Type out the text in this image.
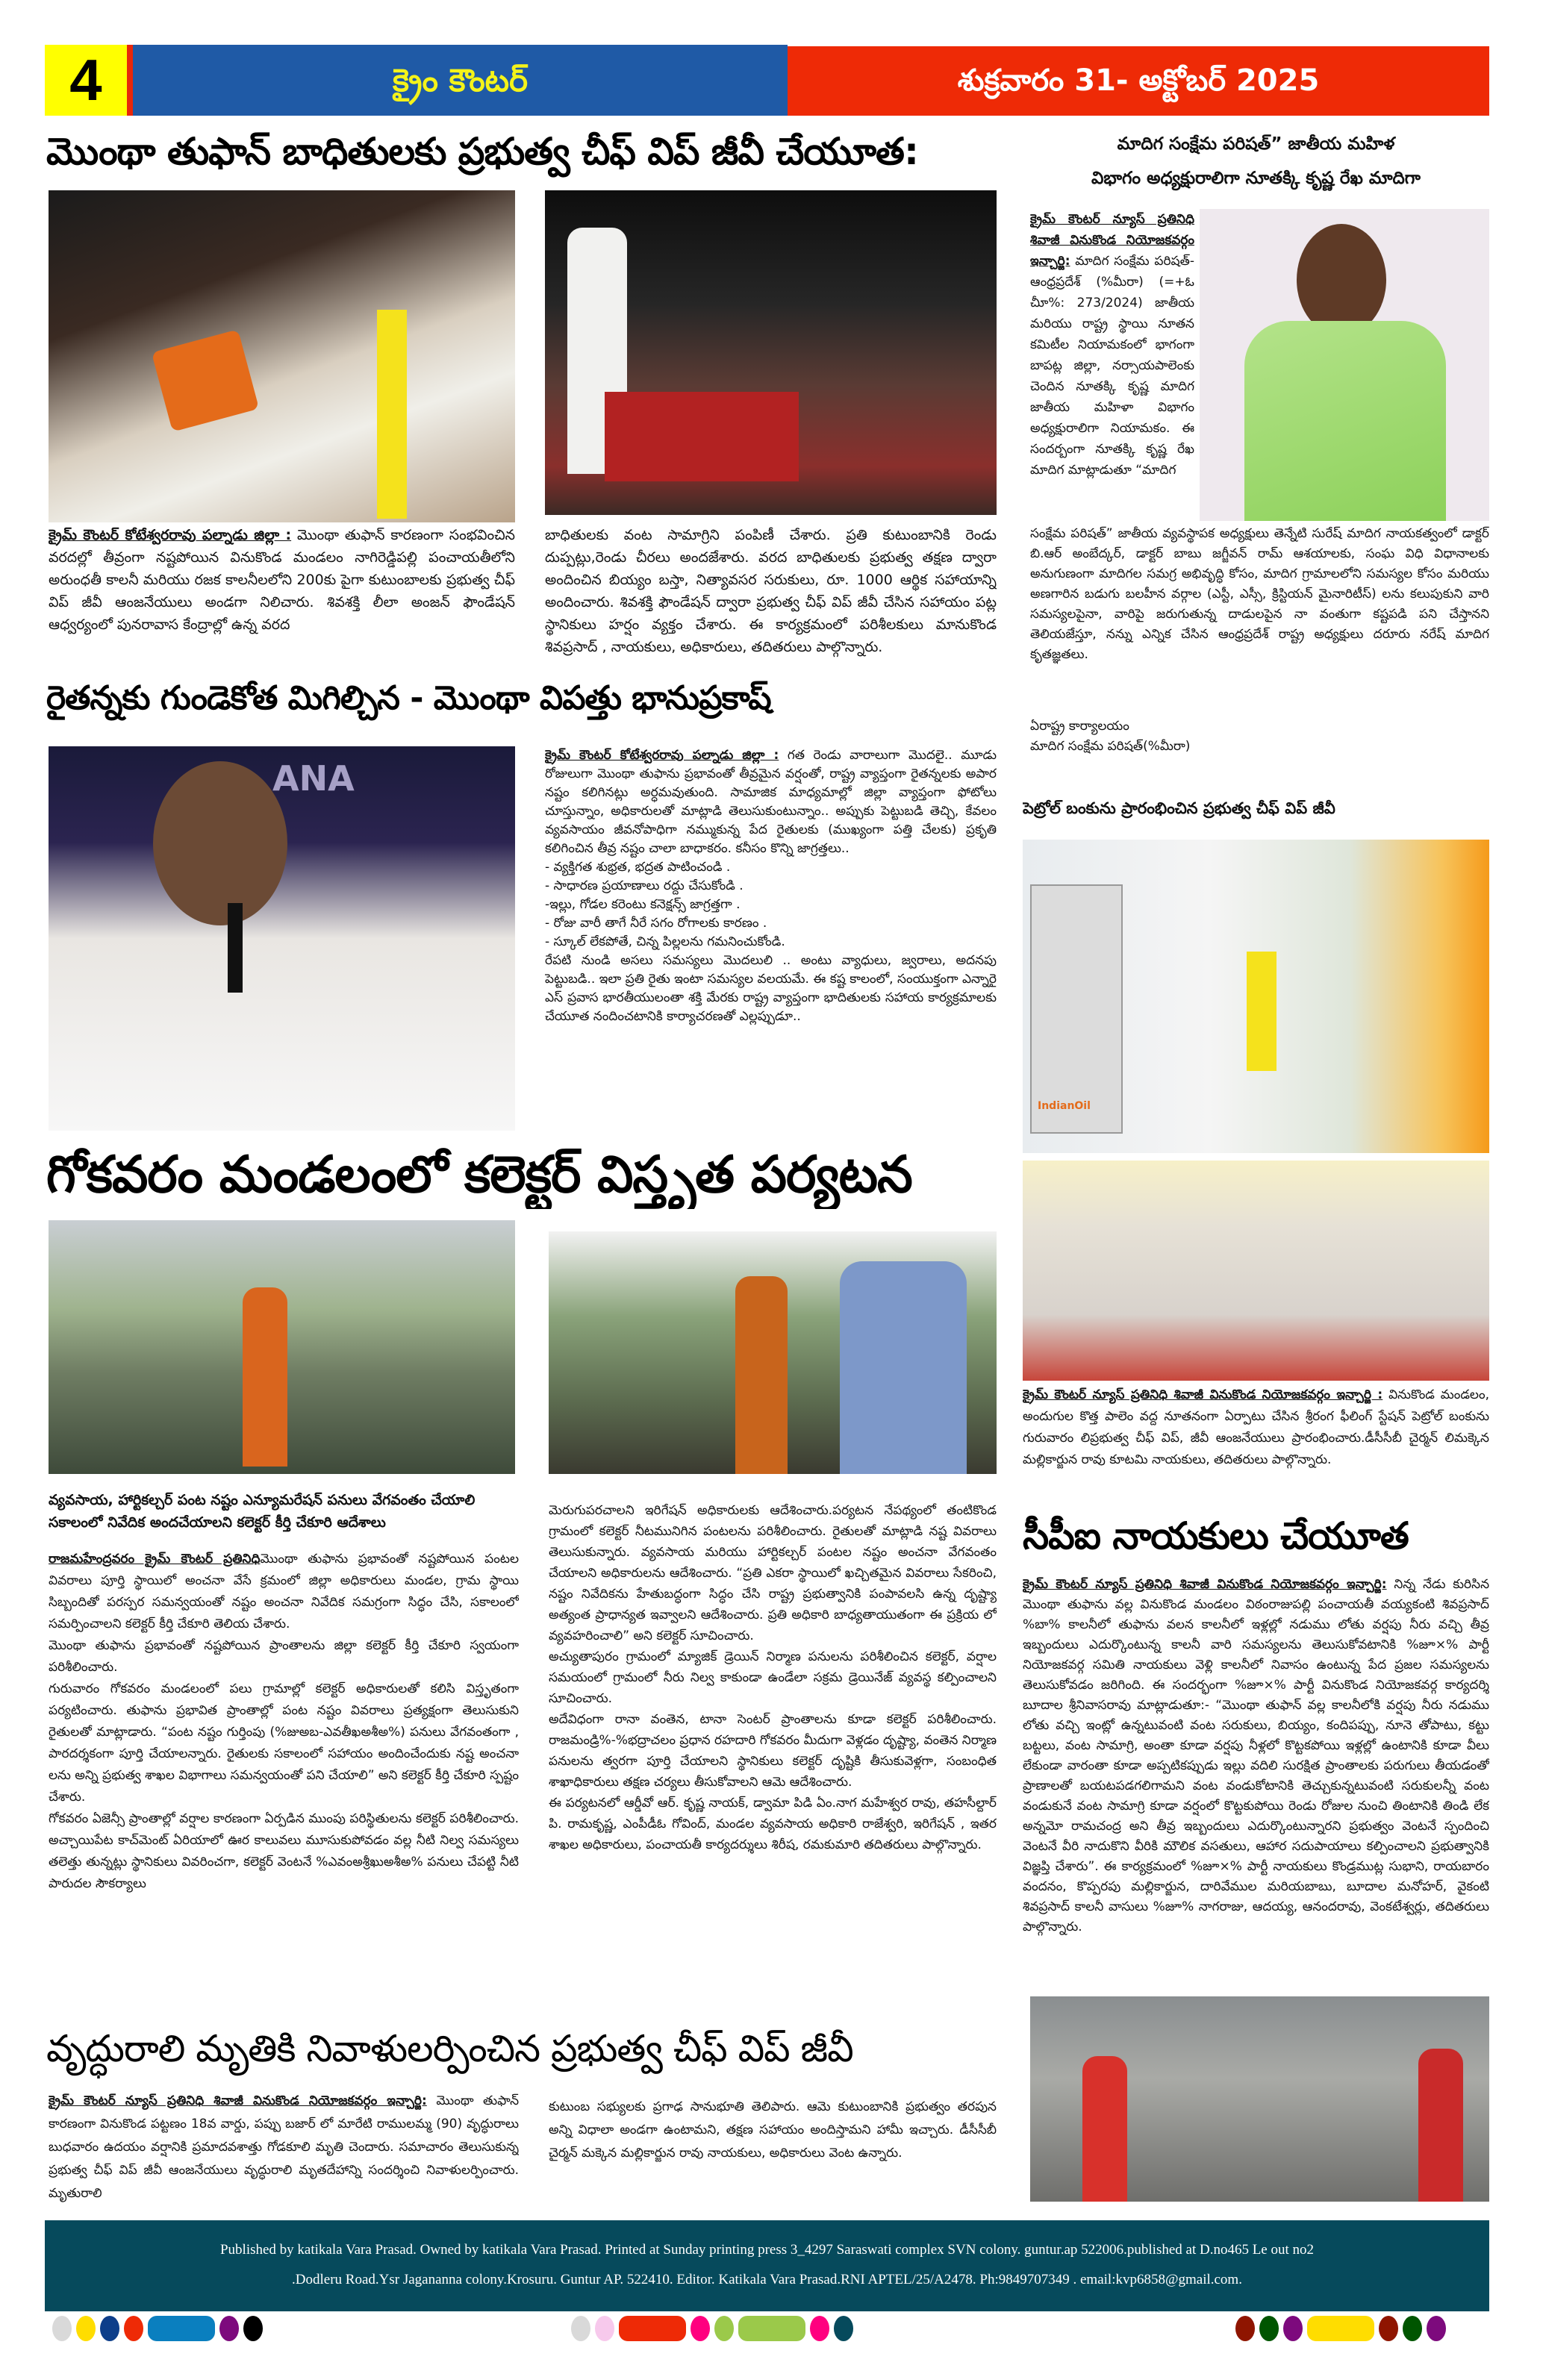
4	క్రైం కౌంటర్	శుక్రవారం 31- అక్టోబర్ 2025
మొంథా తుఫాన్ బాధితులకు ప్రభుత్వ చీఫ్ విప్ జీవీ చేయూత:
క్రైమ్ కౌంటర్ కోటేశ్వరరావు పల్నాడు జిల్లా : మొంథా తుఫాన్ కారణంగా సంభవించిన వరదల్లో తీవ్రంగా నష్టపోయిన వినుకొండ మండలం నాగిరెడ్డిపల్లి పంచాయతీలోని అరుంధతీ కాలనీ మరియు రజక కాలనీలలోని 200కు పైగా కుటుంబాలకు ప్రభుత్వ చీఫ్ విప్ జీవీ ఆంజనేయులు అండగా నిలిచారు. శివశక్తి లీలా అంజన్ ఫౌండేషన్ ఆధ్వర్యంలో పునరావాస కేంద్రాల్లో ఉన్న వరద
బాధితులకు వంట సామాగ్రిని పంపిణీ చేశారు. ప్రతి కుటుంబానికి రెండు దుప్పట్లు,రెండు చీరలు అందజేశారు. వరద బాధితులకు ప్రభుత్వ తక్షణ ద్వారా అందించిన బియ్యం బస్తా, నిత్యావసర సరుకులు, రూ. 1000 ఆర్థిక సహాయాన్ని అందించారు. శివశక్తి ఫౌండేషన్ ద్వారా ప్రభుత్వ చీఫ్ విప్ జీవీ చేసిన సహాయం పట్ల స్థానికులు హర్షం వ్యక్తం చేశారు. ఈ కార్యక్రమంలో పరిశీలకులు మానుకొండ శివప్రసాద్ , నాయకులు, అధికారులు, తదితరులు పాల్గొన్నారు.
రైతన్నకు గుండెకోత మిగిల్చిన - మొంథా విపత్తు భానుప్రకాష్
ANA
క్రైమ్ కౌంటర్ కోటేశ్వరరావు పల్నాడు జిల్లా : గత రెండు వారాలుగా మొదలై.. మూడు రోజులుగా మొంథా తుఫాను ప్రభావంతో తీవ్రమైన వర్షంతో, రాష్ట్ర వ్యాప్తంగా రైతన్నలకు అపార నష్టం కలిగినట్లు అర్ధమవుతుంది. సామాజిక మాధ్యమాల్లో జిల్లా వ్యాప్తంగా ఫోటోలు చూస్తున్నాం, అధికారులతో మాట్లాడి తెలుసుకుంటున్నాం.. అప్పుకు పెట్టుబడి తెచ్చి, కేవలం వ్యవసాయం జీవనోపాధిగా నమ్ముకున్న పేద రైతులకు (ముఖ్యంగా పత్తి చేలకు) ప్రకృతి కలిగించిన తీవ్ర నష్టం చాలా బాధాకరం. కనీసం కొన్ని జాగ్రత్తలు..
- వ్యక్తిగత శుభ్రత, భద్రత పాటించండి .
- సాధారణ ప్రయాణాలు రద్దు చేసుకోండి .
-ఇల్లు, గోడల కరెంటు కనెక్షన్స్ జాగ్రత్తగా .
- రోజు వారీ తాగే నీరే సగం రోగాలకు కారణం .
- స్కూల్ లేకపోతే, చిన్న పిల్లలను గమనించుకోండి.
రేపటి నుండి అసలు సమస్యలు మొదలులి .. అంటు వ్యాధులు, జ్వరాలు, అదనపు పెట్టుబడి.. ఇలా ప్రతి రైతు ఇంటా సమస్యల వలయమే. ఈ కష్ట కాలంలో, సంయుక్తంగా ఎన్నారై ఎస్ ప్రవాస భారతీయులంతా శక్తి మేరకు రాష్ట్ర వ్యాప్తంగా భాదితులకు సహాయ కార్యక్రమాలకు చేయూత నందించటానికి కార్యాచరణతో ఎల్లప్పుడూ..
గోకవరం మండలంలో కలెక్టర్ విస్తృత పర్యటన
వ్యవసాయ, హార్టికల్చర్ పంట నష్టం ఎన్యూమరేషన్ పనులు వేగవంతం చేయాలి
సకాలంలో నివేదిక అందచేయాలని కలెక్టర్ కీర్తి చేకూరి ఆదేశాలు
రాజమహేంద్రవరం క్రైమ్ కౌంటర్ ప్రతినిధిమొంథా తుఫాను ప్రభావంతో నష్టపోయిన పంటల వివరాలు పూర్తి స్థాయిలో అంచనా వేసే క్రమంలో జిల్లా అధికారులు మండల, గ్రామ స్థాయి సిబ్బందితో పరస్పర సమన్వయంతో నష్టం అంచనా నివేదిక సమగ్రంగా సిద్ధం చేసి, సకాలంలో సమర్పించాలని కలెక్టర్ కీర్తి చేకూరి తెలియ చేశారు.
మొంథా తుఫాను ప్రభావంతో నష్టపోయిన ప్రాంతాలను జిల్లా కలెక్టర్ కీర్తి చేకూరి స్వయంగా పరిశీలించారు.
గురువారం గోకవరం మండలంలో పలు గ్రామాల్లో కలెక్టర్ అధికారులతో కలిసి విస్తృతంగా పర్యటించారు. తుఫాను ప్రభావిత ప్రాంతాల్లో పంట నష్టం వివరాలు ప్రత్యక్షంగా తెలుసుకుని రైతులతో మాట్లాడారు. “పంట నష్టం గుర్తింపు (%జుఅబ-ఎవతీఖఅశీఅ%) పనులు వేగవంతంగా , పారదర్శకంగా పూర్తి చేయాలన్నారు. రైతులకు సకాలంలో సహాయం అందించేందుకు నష్ట అంచనా లను అన్ని ప్రభుత్వ శాఖల విభాగాలు సమన్వయంతో పని చేయాలి” అని కలెక్టర్ కీర్తి చేకూరి స్పష్టం చేశారు.
గోకవరం ఏజెన్సీ ప్రాంతాల్లో వర్షాల కారణంగా ఏర్పడిన ముంపు పరిస్థితులను కలెక్టర్ పరిశీలించారు. అచ్చాయిపేట కాచ్‌మెంట్ ఏరియాలో ఊర కాలువలు మూసుకుపోవడం వల్ల నీటి నిల్వ సమస్యలు తలెత్తు తున్నట్లు స్థానికులు వివరించగా, కలెక్టర్ వెంటనే %ఎవంఅశ్రీఖుఅశీఅ% పనులు చేపట్టి నీటి పారుదల సౌకర్యాలు
మెరుగుపరచాలని ఇరిగేషన్ అధికారులకు ఆదేశించారు.పర్యటన నేపథ్యంలో తంటికొండ గ్రామంలో కలెక్టర్ నీటమునిగిన పంటలను పరిశీలించారు. రైతులతో మాట్లాడి నష్ట వివరాలు తెలుసుకున్నారు. వ్యవసాయ మరియు హార్టికల్చర్ పంటల నష్టం అంచనా వేగవంతం చేయాలని అధికారులను ఆదేశించారు. “ప్రతి ఎకరా స్థాయిలో ఖచ్చితమైన వివరాలు సేకరించి, నష్టం నివేదికను హేతుబద్ధంగా సిద్ధం చేసి రాష్ట్ర ప్రభుత్వానికి పంపావలసి ఉన్న దృష్ట్యా అత్యంత ప్రాధాన్యత ఇవ్వాలని ఆదేశించారు. ప్రతి అధికారి బాధ్యతాయుతంగా ఈ ప్రక్రియ లో వ్యవహరించాలి” అని కలెక్టర్ సూచించారు.
అచ్యుతాపురం గ్రామంలో మ్యాజిక్ డ్రెయిన్ నిర్మాణ పనులను పరిశీలించిన కలెక్టర్, వర్షాల సమయంలో గ్రామంలో నీరు నిల్వ కాకుండా ఉండేలా సక్రమ డ్రెయినేజ్ వ్యవస్థ కల్పించాలని సూచించారు.
అదేవిధంగా రానా వంతెన, టానా సెంటర్ ప్రాంతాలను కూడా కలెక్టర్ పరిశీలించారు. రాజమండ్రి%-%భద్రాచలం ప్రధాన రహదారి గోకవరం మీదుగా వెళ్లడం దృష్ట్యా, వంతెన నిర్మాణ పనులను త్వరగా పూర్తి చేయాలని స్థానికులు కలెక్టర్ దృష్టికి తీసుకువెళ్లగా, సంబంధిత శాఖాధికారులు తక్షణ చర్యలు తీసుకోవాలని ఆమె ఆదేశించారు.
ఈ పర్యటనలో ఆర్డీవో ఆర్. కృష్ణ నాయక్, డ్వామా పిడి ఏం.నాగ మహేశ్వర రావు, తహసీల్దార్ పి. రామకృష్ణ, ఎంపీడీఓ గోవింద్, మండల వ్యవసాయ అధికారి రాజేశ్వరి, ఇరిగేషన్ , ఇతర శాఖల అధికారులు, పంచాయతీ కార్యదర్శులు శిరీష, రమకుమారి తదితరులు పాల్గొన్నారు.
వృద్ధురాలి మృతికి నివాళులర్పించిన ప్రభుత్వ చీఫ్ విప్ జీవీ
క్రైమ్ కౌంటర్ న్యూస్ ప్రతినిధి శివాజీ వినుకొండ నియోజకవర్గం ఇన్చార్జి: మొంథా తుఫాన్ కారణంగా వినుకొండ పట్టణం 18వ వార్డు, పప్పు బజార్ లో మారేటి రాములమ్మ (90) వృద్ధురాలు బుధవారం ఉదయం వర్షానికి ప్రమాదవశాత్తు గోడకూలి మృతి చెందారు. సమాచారం తెలుసుకున్న ప్రభుత్వ చీఫ్ విప్ జీవీ ఆంజనేయులు వృద్ధురాలి మృతదేహాన్ని సందర్శించి నివాళులర్పించారు. మృతురాలి
కుటుంబ సభ్యులకు ప్రగాఢ సానుభూతి తెలిపారు. ఆమె కుటుంబానికి ప్రభుత్వం తరపున అన్ని విధాలా అండగా ఉంటామని, తక్షణ సహాయం అందిస్తామని హామీ ఇచ్చారు. డీసీసీబీ చైర్మన్ మక్కెన మల్లికార్జున రావు నాయకులు, అధికారులు వెంట ఉన్నారు.
మాదిగ సంక్షేమ పరిషత్” జాతీయ మహిళ
విభాగం అధ్యక్షురాలిగా నూతక్కి కృష్ణ రేఖ మాదిగా
క్రైమ్ కౌంటర్ న్యూస్ ప్రతినిధి శివాజీ వినుకొండ నియోజకవర్గం ఇన్చార్జి: మాదిగ సంక్షేమ పరిషత్- ఆంధ్రప్రదేశ్ (%మీరా) (=+ఓ చీూ%: 273/2024) జాతీయ మరియు రాష్ట్ర స్థాయి నూతన కమిటీల నియామకంలో భాగంగా బాపట్ల జిల్లా, నర్సాయపాలెంకు చెందిన నూతక్కి కృష్ణ మాదిగ జాతీయ మహిళా విభాగం అధ్యక్షురాలిగా నియామకం. ఈ సందర్బంగా నూతక్కి కృష్ణ రేఖ మాదిగ మాట్లాడుతూ “మాదిగ
సంక్షేమ పరిషత్” జాతీయ వ్యవస్థాపక అధ్యక్షులు తెన్నేటి సురేష్ మాదిగ నాయకత్వంలో డాక్టర్ బి.ఆర్ అంబేద్కర్, డాక్టర్ బాబు జగ్జీవన్ రామ్ ఆశయాలకు, సంఘ విధి విధానాలకు అనుగుణంగా మాదిగల సమగ్ర అభివృద్ధి కోసం, మాదిగ గ్రామాలలోని సమస్యల కోసం మరియు అణగారిన బడుగు బలహీన వర్గాల (ఎస్టీ, ఎస్సీ, క్రిస్టియన్ మైనారిటీస్) లను కలుపుకుని వారి సమస్యలపైనా, వారిపై జరుగుతున్న దాడులపైన నా వంతుగా కష్టపడి పని చేస్తానని తెలియజేస్తూ, నన్ను ఎన్నిక చేసిన ఆంధ్రప్రదేశ్ రాష్ట్ర అధ్యక్షులు దరూరు నరేష్ మాదిగ కృతజ్ఞతలు.
ఏరాష్ట్ర కార్యాలయం
మాదిగ సంక్షేమ పరిషత్(%మీరా)
పెట్రోల్ బంకును ప్రారంభించిన ప్రభుత్వ చీఫ్ విప్ జీవీ
IndianOil
క్రైమ్ కౌంటర్ న్యూస్ ప్రతినిధి శివాజీ వినుకొండ నియోజకవర్గం ఇన్చార్జి : వినుకొండ మండలం, అందుగుల కొత్త పాలెం వద్ద నూతనంగా ఏర్పాటు చేసిన శ్రీరంగ ఫీలింగ్ స్టేషన్ పెట్రోల్ బంకును గురువారం లిప్రభుత్వ చీఫ్ విప్, జీవీ ఆంజనేయులు ప్రారంభించారు.డీసీసీబీ చైర్మన్ లిమక్కెన మల్లికార్జున రావు కూటమి నాయకులు, తదితరులు పాల్గొన్నారు.
సీపీఐ నాయకులు చేయూత
క్రైమ్ కౌంటర్ న్యూస్ ప్రతినిధి శివాజీ వినుకొండ నియోజకవర్గం ఇన్చార్జి: నిన్న నేడు కురిసిన మొంథా తుఫాను వల్ల వినుకొండ మండలం విఠంరాజుపల్లి పంచాయతీ వయ్యకంటి శివప్రసాద్ %బా% కాలనీలో తుఫాను వలన కాలనీలో ఇళ్లల్లో నడుము లోతు వర్షపు నీరు వచ్చి తీవ్ర ఇబ్బందులు ఎదుర్కొంటున్న కాలనీ వారి సమస్యలను తెలుసుకోవటానికి %జూ×% పార్టీ నియోజకవర్గ సమితి నాయకులు వెళ్లి కాలనీలో నివాసం ఉంటున్న పేద ప్రజల సమస్యలను తెలుసుకోవడం జరిగింది. ఈ సందర్భంగా %జూ×% పార్టీ వినుకొండ నియోజకవర్గ కార్యదర్శి బూదాల శ్రీనివాసరావు మాట్లాడుతూ:- “మొంథా తుఫాన్ వల్ల కాలనీలోకి వర్షపు నీరు నడుము లోతు వచ్చి ఇంట్లో ఉన్నటువంటి వంట సరుకులు, బియ్యం, కందిపప్పు, నూనె తోపాటు, కట్టు బట్టలు, వంట సామాగ్రి, అంతా కూడా వర్షపు నీళ్లలో కొట్టకపోయి ఇళ్లల్లో ఉంటానికి కూడా వీలు లేకుండా వారంతా కూడా అప్పటికప్పుడు ఇల్లు వదిలి సురక్షిత ప్రాంతాలకు పరుగులు తీయడంతో ప్రాణాలతో బయటపడగలిగామని వంట వండుకోటానికి తెచ్చుకున్నటువంటి సరుకులన్నీ వంట వండుకునే వంట సామాగ్రి కూడా వర్షంలో కొట్టకుపోయి రెండు రోజుల నుంచి తింటానికి తిండి లేక అన్నమో రామచంద్ర అని తీవ్ర ఇబ్బందులు ఎదుర్కొంటున్నారని ప్రభుత్వం వెంటనే స్పందించి వెంటనే వీరి నాదుకొని వీరికి మౌలిక వసతులు, ఆహార సదుపాయాలు కల్పించాలని ప్రభుత్వానికి విజ్ఞప్తి చేశారు”. ఈ కార్యక్రమంలో %జూ×% పార్టీ నాయకులు కొండ్రముట్ల సుభాని, రాయబారం వందనం, కొప్పరపు మల్లికార్జున, దారివేముల మరియబాబు, బూదాల మనోహర్, వైకంటి శివప్రసాద్ కాలనీ వాసులు %జూ% నాగరాజు, ఆదయ్య, ఆనందరావు, వెంకటేశ్వర్లు, తదితరులు పాల్గొన్నారు.
Published by katikala Vara Prasad. Owned by katikala Vara Prasad. Printed at Sunday printing press 3_4297 Saraswati complex SVN colony. guntur.ap 522006.published at D.no465 Le out no2
.Dodleru Road.Ysr Jagananna colony.Krosuru. Guntur AP. 522410. Editor. Katikala Vara Prasad.RNI APTEL/25/A2478. Ph:9849707349 . email:kvp6858@gmail.com.
